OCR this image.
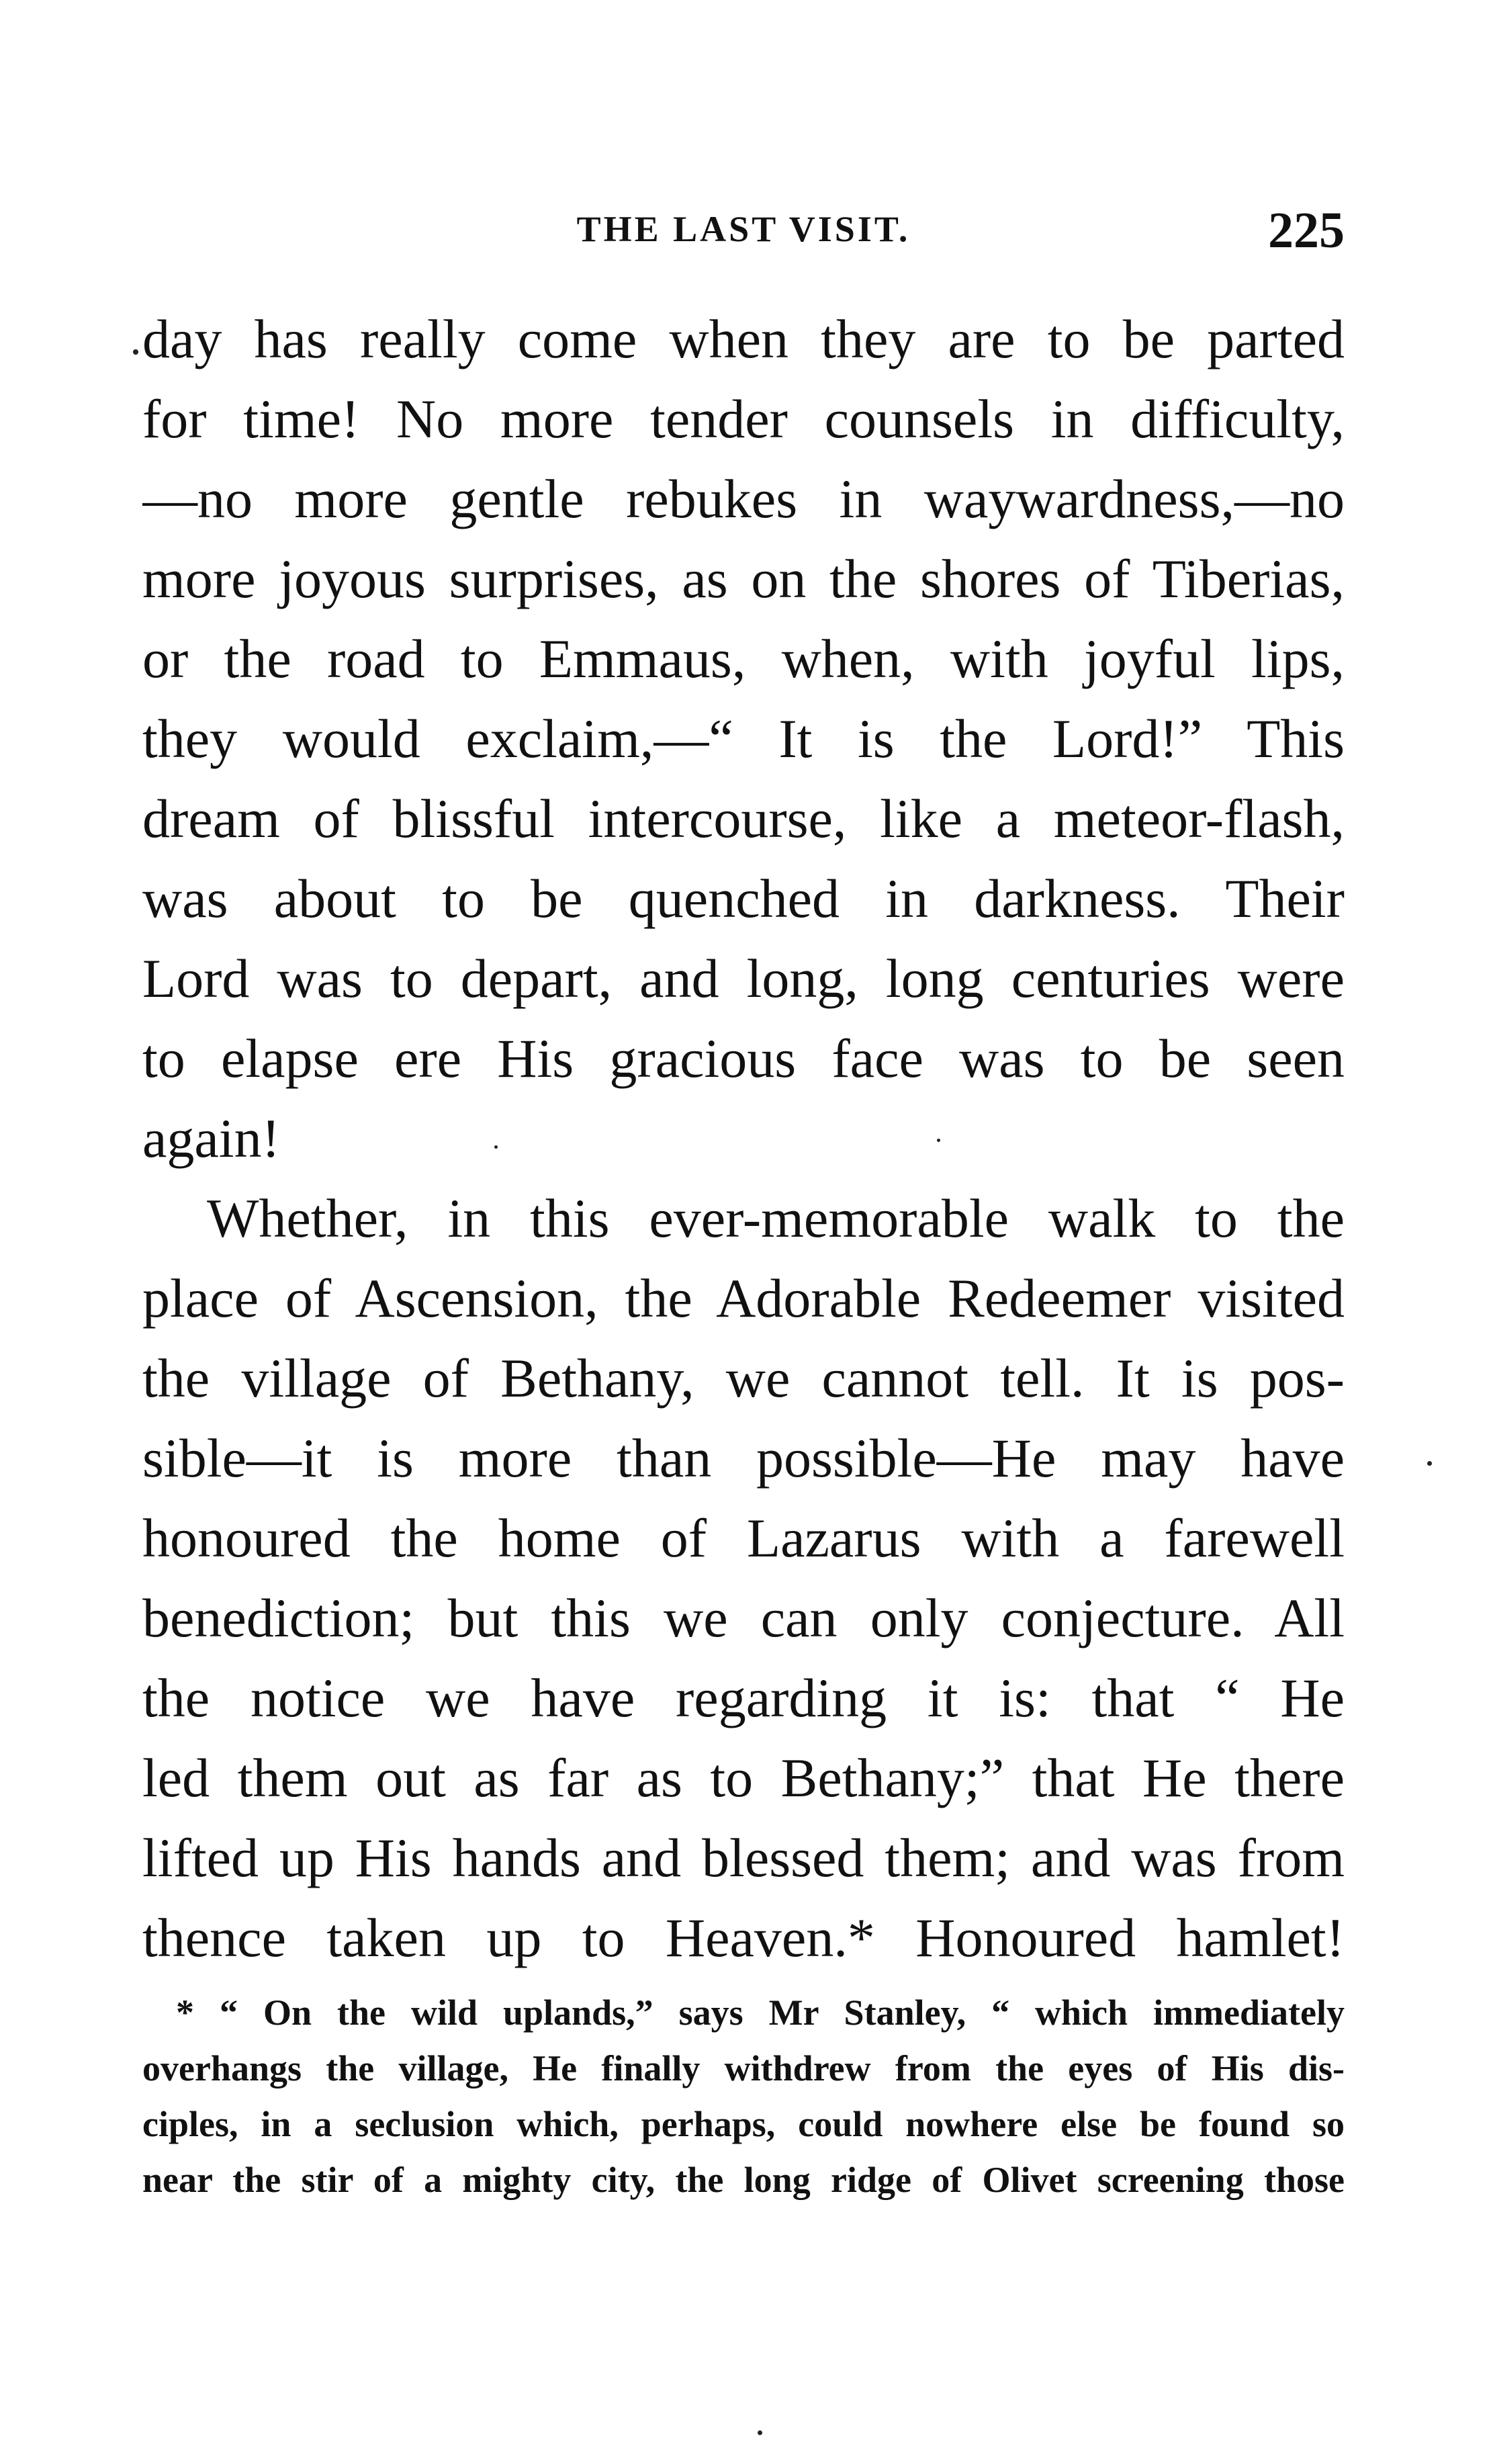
THE LAST VISIT.	225
day has really come when they are to be parted
for time! No more tender counsels in difficulty,
—no more gentle rebukes in waywardness,—no
more joyous surprises, as on the shores of Tiberias,
or the road to Emmaus, when, with joyful lips,
they would exclaim,—“ It is the Lord!” This
dream of blissful intercourse, like a meteor-flash,
was about to be quenched in darkness. Their
Lord was to depart, and long, long centuries were
to elapse ere His gracious face was to be seen
again!
Whether, in this ever-memorable walk to the
place of Ascension, the Adorable Redeemer visited
the village of Bethany, we cannot tell. It is pos-
sible—it is more than possible—He may have
honoured the home of Lazarus with a farewell
benediction; but this we can only conjecture. All
the notice we have regarding it is: that “ He
led them out as far as to Bethany;” that He there
lifted up His hands and blessed them; and was from
thence taken up to Heaven.* Honoured hamlet!
* “ On the wild uplands,” says Mr Stanley, “ which immediately
overhangs the village, He finally withdrew from the eyes of His dis-
ciples, in a seclusion which, perhaps, could nowhere else be found so
near the stir of a mighty city, the long ridge of Olivet screening those
